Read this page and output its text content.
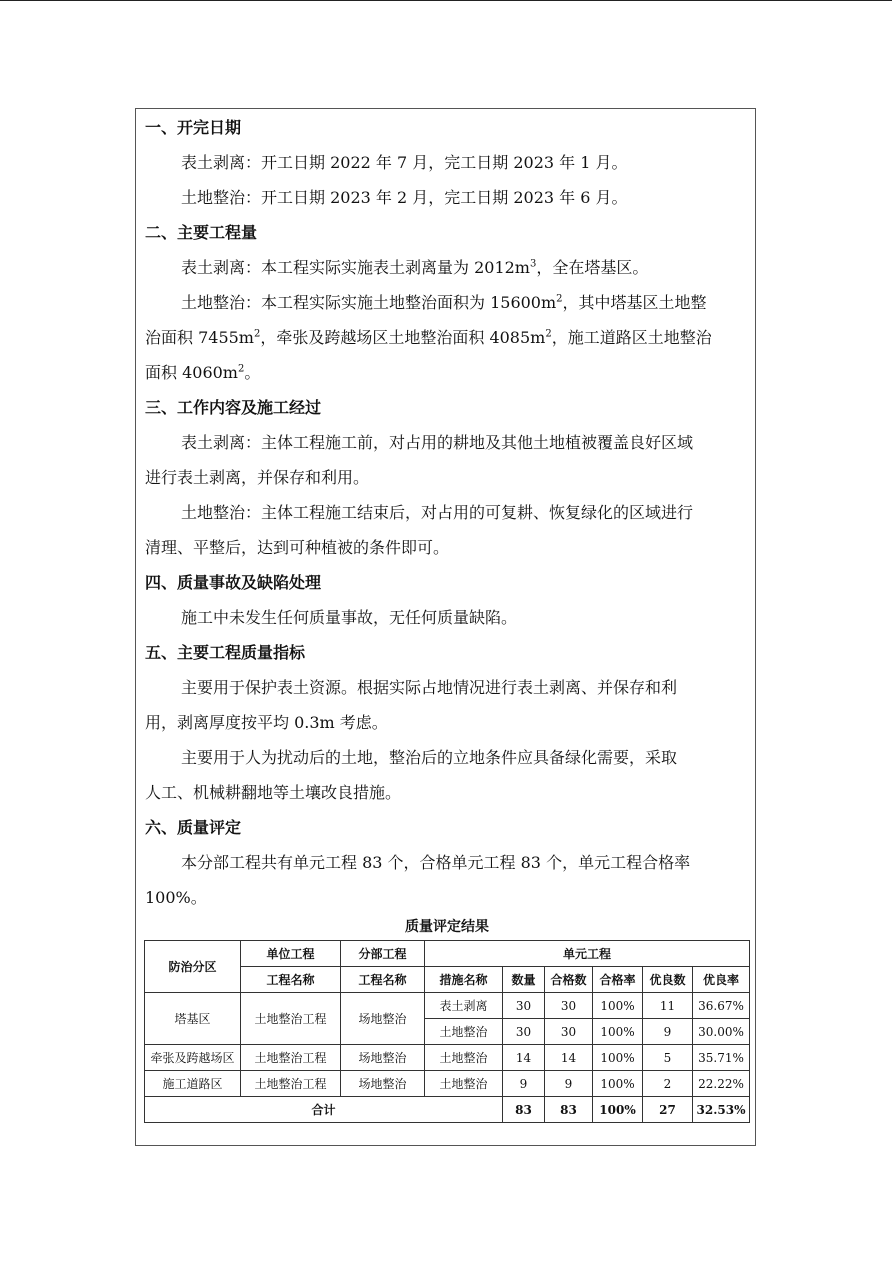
一、开完日期
表土剥离：开工日期 2022 年 7 月，完工日期 2023 年 1 月。
土地整治：开工日期 2023 年 2 月，完工日期 2023 年 6 月。
二、主要工程量
表土剥离：本工程实际实施表土剥离量为 $2012m^3$，全在塔基区。
土地整治：本工程实际实施土地整治面积为 $15600m^2$，其中塔基区土地整
治面积 $7455m^2$，牵张及跨越场区土地整治面积 $4085m^2$，施工道路区土地整治
面积 $4060m^2$。
三、工作内容及施工经过
表土剥离：主体工程施工前，对占用的耕地及其他土地植被覆盖良好区域
进行表土剥离，并保存和利用。
土地整治：主体工程施工结束后，对占用的可复耕、恢复绿化的区域进行
清理、平整后，达到可种植被的条件即可。
四、质量事故及缺陷处理
施工中未发生任何质量事故，无任何质量缺陷。
五、主要工程质量指标
主要用于保护表土资源。根据实际占地情况进行表土剥离、并保存和利
用，剥离厚度按平均 0.3m 考虑。
主要用于人为扰动后的土地，整治后的立地条件应具备绿化需要，采取
人工、机械耕翻地等土壤改良措施。
六、质量评定
本分部工程共有单元工程 83 个，合格单元工程 83 个，单元工程合格率
100%。
质量评定结果
防治分区	单位工程	分部工程	单元工程					
	工程名称	工程名称	措施名称	数量	合格数	合格率	优良数	优良率
塔基区	土地整治工程	场地整治	表土剥离	30	30	100%	11	36.67%
			土地整治	30	30	100%	9	30.00%
牵张及跨越场区	土地整治工程	场地整治	土地整治	14	14	100%	5	35.71%
施工道路区	土地整治工程	场地整治	土地整治	9	9	100%	2	22.22%
合计				83	83	100%	27	32.53%
